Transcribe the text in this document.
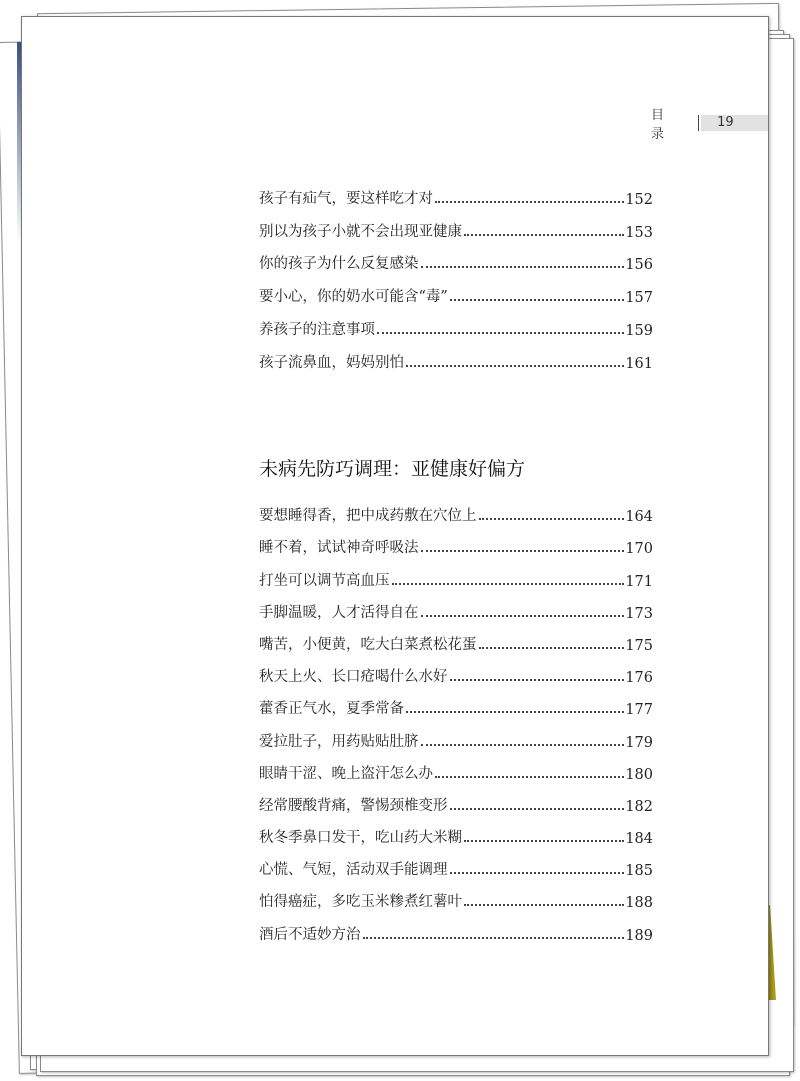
目 录
19
孩子有疝气，要这样吃才对	152
别以为孩子小就不会出现亚健康	153
你的孩子为什么反复感染	156
要小心，你的奶水可能含“毒”	157
养孩子的注意事项	159
孩子流鼻血，妈妈别怕	161
未病先防巧调理：亚健康好偏方
要想睡得香，把中成药敷在穴位上	164
睡不着，试试神奇呼吸法	170
打坐可以调节高血压	171
手脚温暖，人才活得自在	173
嘴苦，小便黄，吃大白菜煮松花蛋	175
秋天上火、长口疮喝什么水好	176
藿香正气水，夏季常备	177
爱拉肚子，用药贴贴肚脐	179
眼睛干涩、晚上盗汗怎么办	180
经常腰酸背痛，警惕颈椎变形	182
秋冬季鼻口发干，吃山药大米糊	184
心慌、气短，活动双手能调理	185
怕得癌症，多吃玉米糁煮红薯叶	188
酒后不适妙方治	189
